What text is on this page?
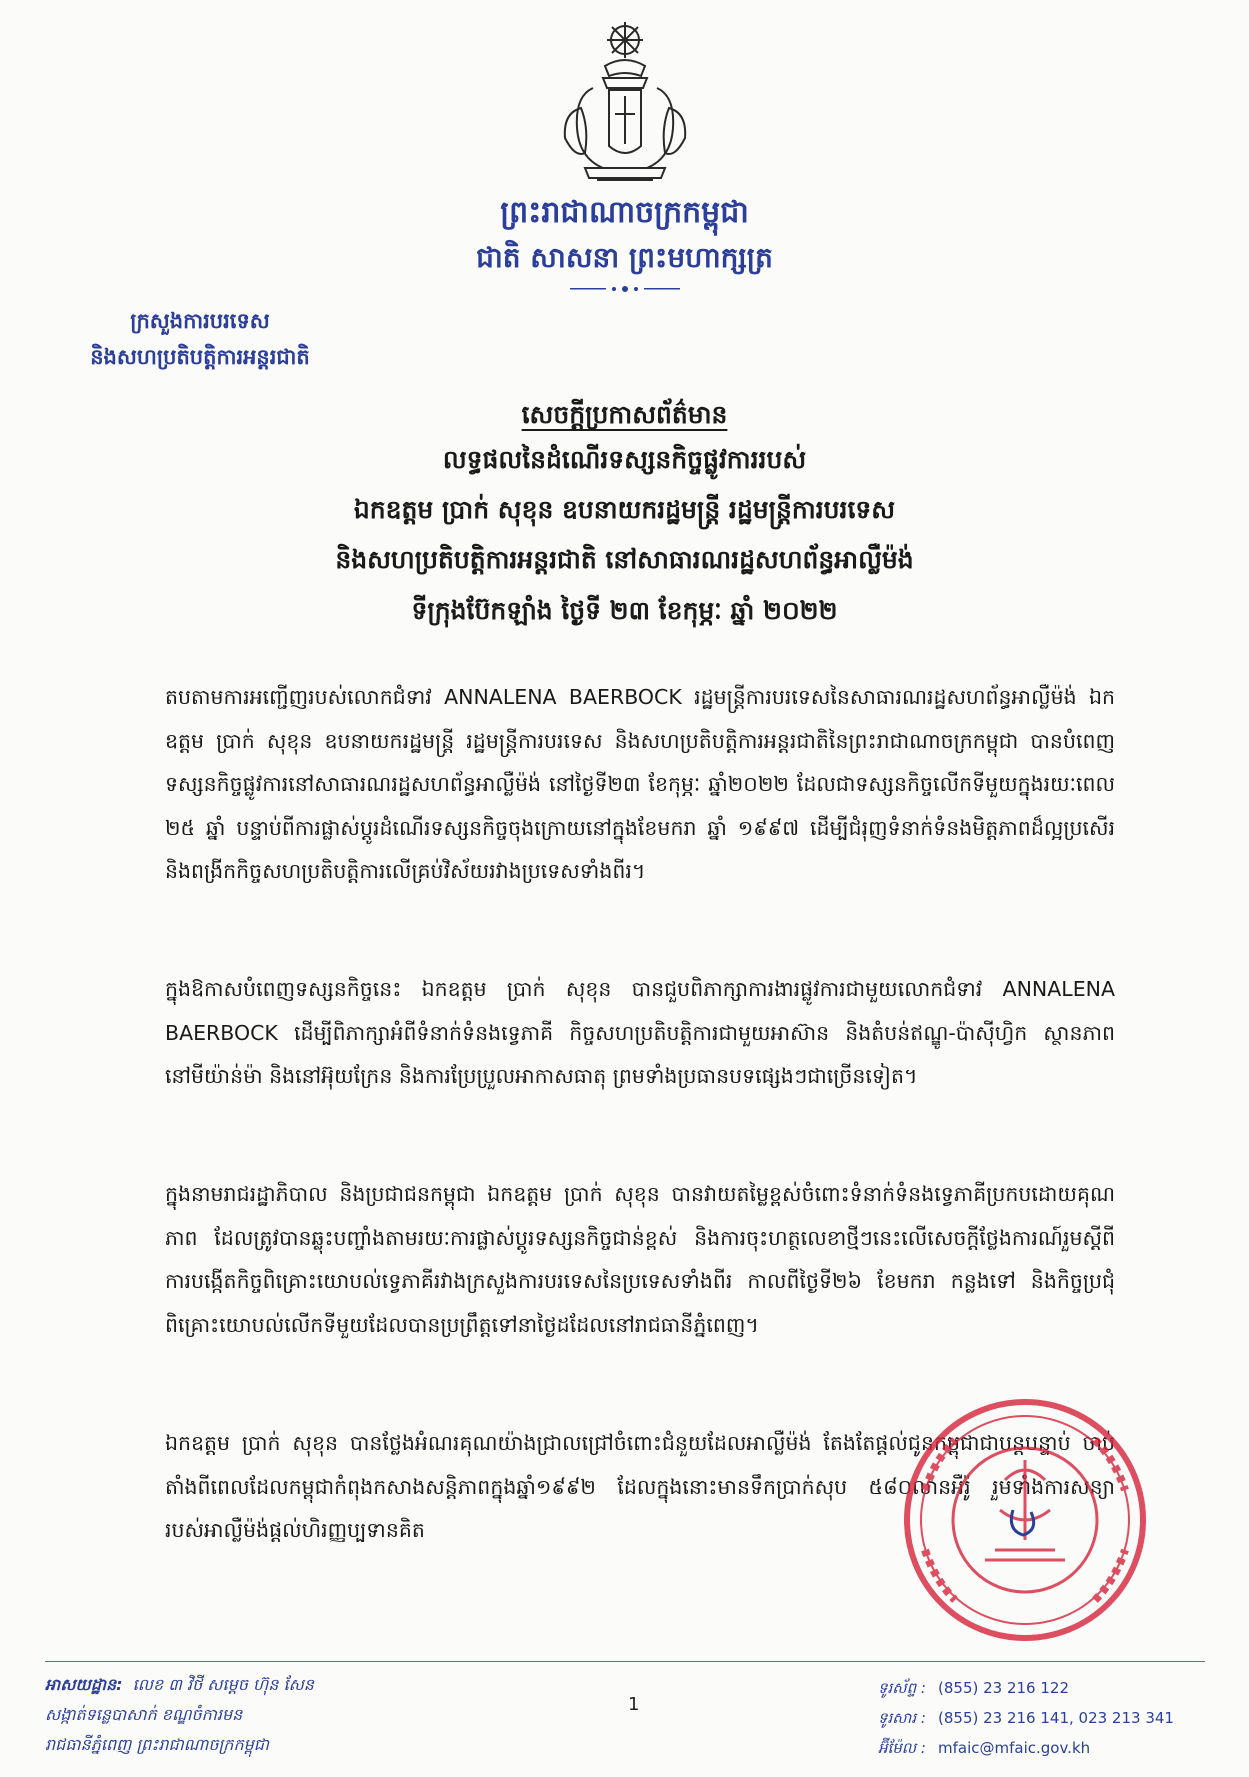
ព្រះរាជាណាចក្រកម្ពុជា
ជាតិ សាសនា ព្រះមហាក្សត្រ
ក្រសួងការបរទេស
និងសហប្រតិបត្តិការអន្តរជាតិ
សេចក្តីប្រកាសព័ត៌មាន
លទ្ធផលនៃដំណើរទស្សនកិច្ចផ្លូវការរបស់
ឯកឧត្តម ប្រាក់ សុខុន ឧបនាយករដ្ឋមន្ត្រី រដ្ឋមន្ត្រីការបរទេស
និងសហប្រតិបត្តិការអន្តរជាតិ នៅសាធារណរដ្ឋសហព័ន្ធអាល្លឺម៉ង់
ទីក្រុងប៊ែកឡាំង ថ្ងៃទី ២៣ ខែកុម្ភៈ ឆ្នាំ ២០២២

តបតាមការអញ្ជើញរបស់លោកជំទាវ ANNALENA BAERBOCK រដ្ឋមន្ត្រីការបរទេសនៃសាធារណរដ្ឋសហព័ន្ធអាល្លឺម៉ង់ ឯកឧត្តម ប្រាក់ សុខុន ឧបនាយករដ្ឋមន្ត្រី រដ្ឋមន្ត្រីការបរទេស និងសហប្រតិបត្តិការអន្តរជាតិនៃព្រះរាជាណាចក្រកម្ពុជា បានបំពេញទស្សនកិច្ចផ្លូវការនៅសាធារណរដ្ឋសហព័ន្ធអាល្លឺម៉ង់ នៅថ្ងៃទី២៣ ខែកុម្ភៈ ឆ្នាំ២០២២ ដែលជាទស្សនកិច្ចលើកទីមួយក្នុងរយៈពេល ២៥ ឆ្នាំ បន្ទាប់ពីការផ្លាស់ប្តូរដំណើរទស្សនកិច្ចចុងក្រោយនៅក្នុងខែមករា ឆ្នាំ ១៩៩៧ ដើម្បីជំរុញទំនាក់ទំនងមិត្តភាពដ៏ល្អប្រសើរ និងពង្រីកកិច្ចសហប្រតិបត្តិការលើគ្រប់វិស័យរវាងប្រទេសទាំងពីរ។

ក្នុងឱកាសបំពេញទស្សនកិច្ចនេះ ឯកឧត្តម ប្រាក់ សុខុន បានជួបពិភាក្សាការងារផ្លូវការជាមួយលោកជំទាវ ANNALENA BAERBOCK ដើម្បីពិភាក្សាអំពីទំនាក់ទំនងទ្វេភាគី កិច្ចសហប្រតិបត្តិការជាមួយអាស៊ាន និងតំបន់ឥណ្ឌូ-ប៉ាស៊ីហ្វិក ស្ថានភាពនៅមីយ៉ាន់ម៉ា និងនៅអ៊ុយក្រែន និងការប្រែប្រួលអាកាសធាតុ ព្រមទាំងប្រធានបទផ្សេងៗជាច្រើនទៀត។

ក្នុងនាមរាជរដ្ឋាភិបាល និងប្រជាជនកម្ពុជា ឯកឧត្តម ប្រាក់ សុខុន បានវាយតម្លៃខ្ពស់ចំពោះទំនាក់ទំនងទ្វេភាគីប្រកបដោយគុណភាព ដែលត្រូវបានឆ្លុះបញ្ចាំងតាមរយៈការផ្លាស់ប្តូរទស្សនកិច្ចជាន់ខ្ពស់ និងការចុះហត្ថលេខាថ្មីៗនេះលើសេចក្តីថ្លែងការណ៍រួមស្តីពីការបង្កើតកិច្ចពិគ្រោះយោបល់ទ្វេភាគីរវាងក្រសួងការបរទេសនៃប្រទេសទាំងពីរ កាលពីថ្ងៃទី២៦ ខែមករា កន្លងទៅ និងកិច្ចប្រជុំពិគ្រោះយោបល់លើកទីមួយដែលបានប្រព្រឹត្តទៅនាថ្ងៃដដែលនៅរាជធានីភ្នំពេញ។

ឯកឧត្តម ប្រាក់ សុខុន បានថ្លែងអំណរគុណយ៉ាងជ្រាលជ្រៅចំពោះជំនួយដែលអាល្លឺម៉ង់ តែងតែផ្តល់ជូនកម្ពុជាជាបន្តបន្ទាប់ ចាប់តាំងពីពេលដែលកម្ពុជាកំពុងកសាងសន្តិភាពក្នុងឆ្នាំ១៩៩២ ដែលក្នុងនោះមានទឹកប្រាក់សុប ៥៨០លានអឺរ៉ូ រួមទាំងការសន្យារបស់អាល្លឺម៉ង់ផ្តល់ហិរញ្ញប្បទានគិត

អាសយដ្ឋាន: លេខ ៣ វិថី សម្តេច ហ៊ុន សែន
សង្កាត់ទន្លេបាសាក់ ខណ្ឌចំការមន
រាជធានីភ្នំពេញ ព្រះរាជាណាចក្រកម្ពុជា
1
ទូរស័ព្ទ : (855) 23 216 122
ទូរសារ : (855) 23 216 141, 023 213 341
អ៊ីម៉ែល : mfaic@mfaic.gov.kh
